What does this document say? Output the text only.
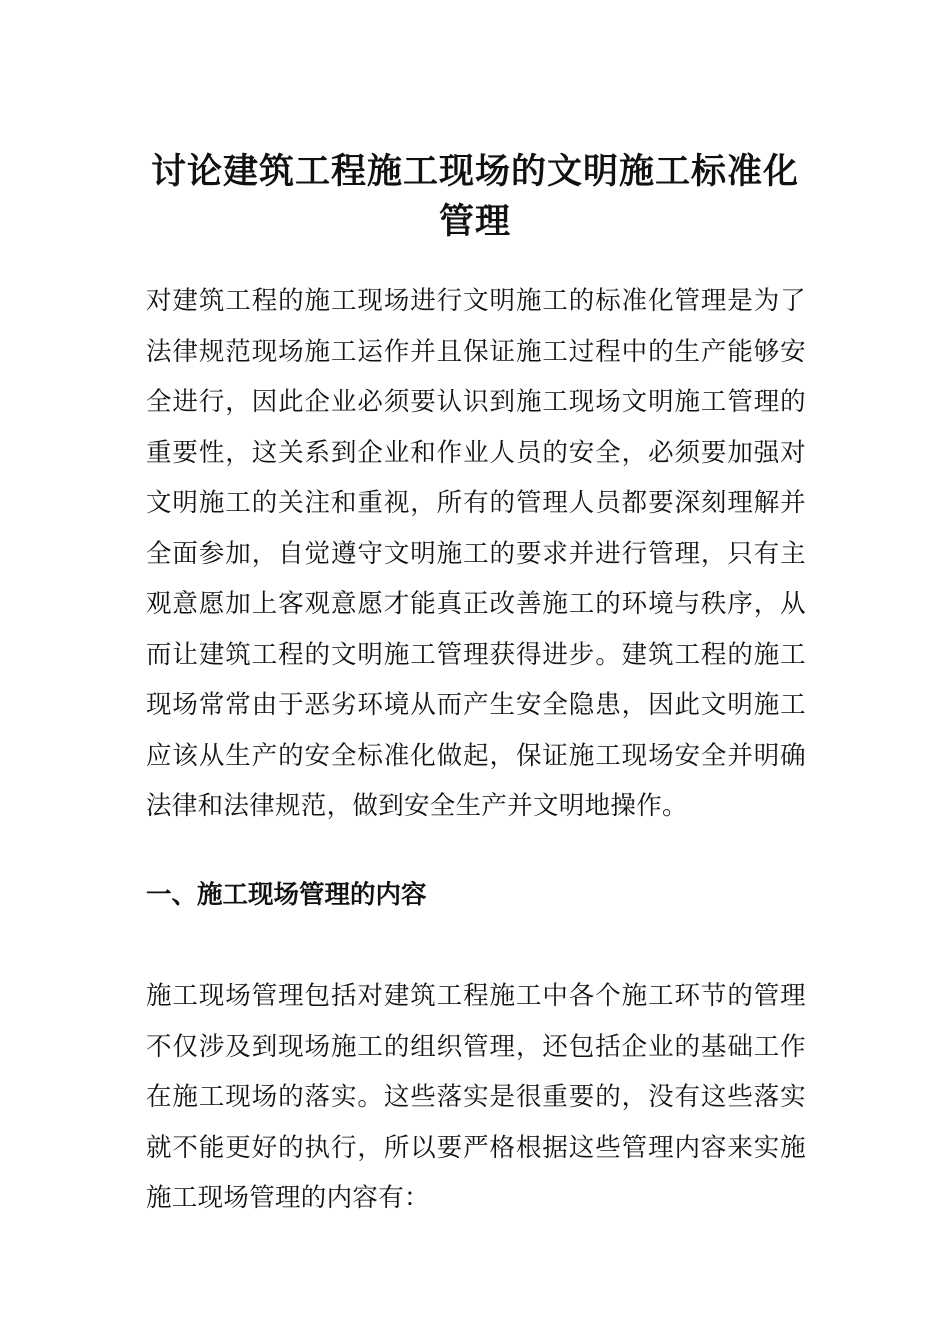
讨论建筑工程施工现场的文明施工标准化
管理

对建筑工程的施工现场进行文明施工的标准化管理是为了法律规范现场施工运作并且保证施工过程中的生产能够安全进行，因此企业必须要认识到施工现场文明施工管理的重要性，这关系到企业和作业人员的安全，必须要加强对文明施工的关注和重视，所有的管理人员都要深刻理解并全面参加，自觉遵守文明施工的要求并进行管理，只有主观意愿加上客观意愿才能真正改善施工的环境与秩序，从而让建筑工程的文明施工管理获得进步。建筑工程的施工现场常常由于恶劣环境从而产生安全隐患，因此文明施工应该从生产的安全标准化做起，保证施工现场安全并明确法律和法律规范，做到安全生产并文明地操作。

一、施工现场管理的内容

施工现场管理包括对建筑工程施工中各个施工环节的管理不仅涉及到现场施工的组织管理，还包括企业的基础工作在施工现场的落实。这些落实是很重要的，没有这些落实就不能更好的执行，所以要严格根据这些管理内容来实施施工现场管理的内容有：
